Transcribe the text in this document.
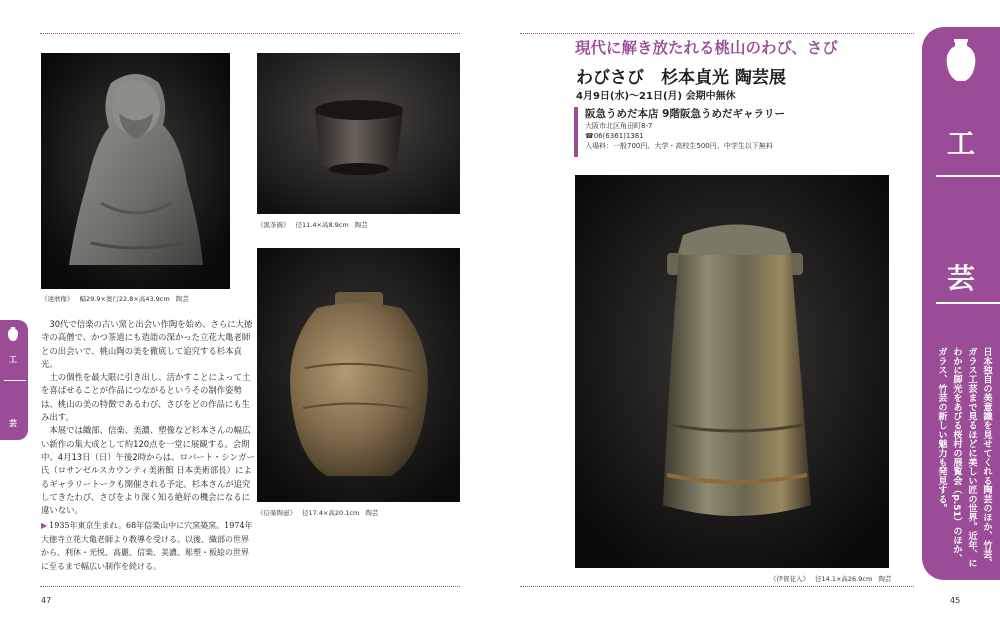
《達磨像》 幅29.9×奥行22.8×高43.9cm 陶芸
《黒茶碗》 径11.4×高8.9cm 陶芸
《信楽陶壺》 径17.4×高20.1cm 陶芸
《伊賀花入》 径14.1×高26.9cm 陶芸

30代で信楽の古い窯と出会い作陶を始め、さらに大徳寺の高僧で、かつ茶道にも造詣の深かった立花大亀老師との出会いで、桃山陶の美を徹底して追究する杉本貞光。

土の個性を最大限に引き出し、活かすことによって土を喜ばせることが作品につながるというその制作姿勢は、桃山の美の特徴であるわび、さびをどの作品にも生み出す。

本展では織部、信楽、美濃、塑像など杉本さんの幅広い新作の集大成として約120点を一堂に展観する。会期中、4月13日（日）午後2時からは、ロバート・シンガー氏（ロサンゼルスカウンティ美術館 日本美術部長）によるギャラリートークも開催される予定。杉本さんが追究してきたわび、さびをより深く知る絶好の機会になるに違いない。

▶ 1935年東京生まれ。68年信楽山中に穴窯築窯。1974年大徳寺立花大亀老師より教導を受ける。以後、織部の世界から、利休・光悦、高麗、信楽、美濃、彫塑・板絵の世界に至るまで幅広い制作を続ける。
現代に解き放たれる桃山のわび、さび
わびさび　杉本貞光 陶芸展
4月9日(水)～21日(月) 会期中無休
阪急うめだ本店 9階阪急うめだギャラリー
大阪市北区角田町8-7
☎06(6361)1381
入場料：一般700円、大学・高校生500円、中学生以下無料	工
芸
日本独自の美意識を見せてくれる陶芸のほか、竹芸、ガラス工芸まで見るほどに美しい匠の世界。近年、にわかに脚光をあびる桜村の展覧会（p.51）のほか、ガラス、竹芸の新しい魅力も発見する。
工
芸
47	45
